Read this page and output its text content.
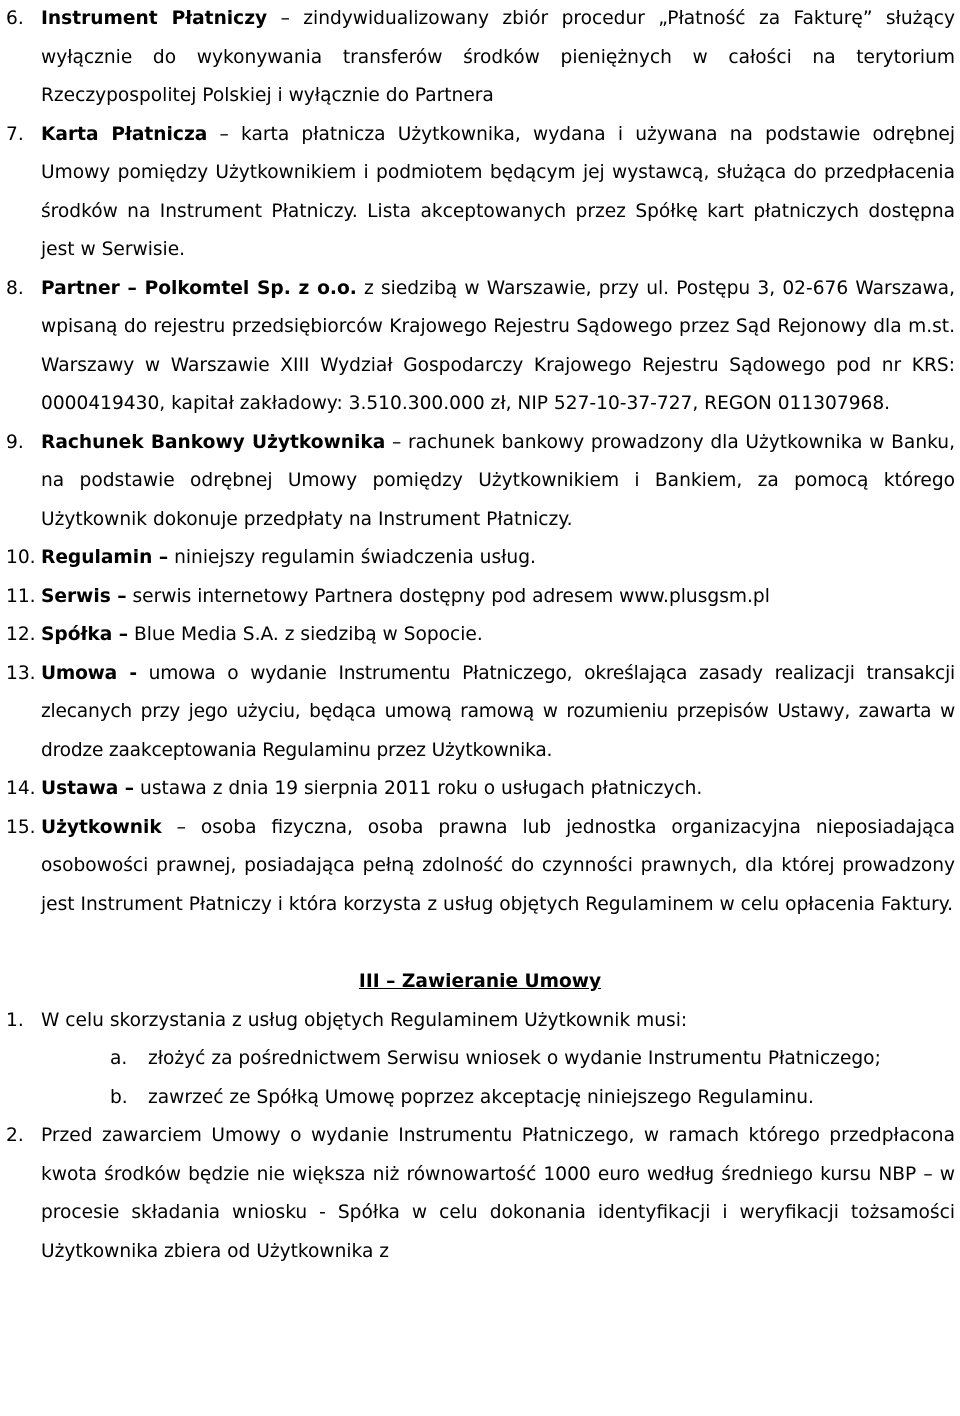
6. Instrument Płatniczy – zindywidualizowany zbiór procedur „Płatność za Fakturę” służący wyłącznie do wykonywania transferów środków pieniężnych w całości na terytorium Rzeczypospolitej Polskiej i wyłącznie do Partnera
7. Karta Płatnicza – karta płatnicza Użytkownika, wydana i używana na podstawie odrębnej Umowy pomiędzy Użytkownikiem i podmiotem będącym jej wystawcą, służąca do przedpłacenia środków na Instrument Płatniczy. Lista akceptowanych przez Spółkę kart płatniczych dostępna jest w Serwisie.
8. Partner – Polkomtel Sp. z o.o. z siedzibą w Warszawie, przy ul. Postępu 3, 02-676 Warszawa, wpisaną do rejestru przedsiębiorców Krajowego Rejestru Sądowego przez Sąd Rejonowy dla m.st. Warszawy w Warszawie XIII Wydział Gospodarczy Krajowego Rejestru Sądowego pod nr KRS: 0000419430, kapitał zakładowy: 3.510.300.000 zł, NIP 527-10-37-727, REGON 011307968.
9. Rachunek Bankowy Użytkownika – rachunek bankowy prowadzony dla Użytkownika w Banku, na podstawie odrębnej Umowy pomiędzy Użytkownikiem i Bankiem, za pomocą którego Użytkownik dokonuje przedpłaty na Instrument Płatniczy.
10. Regulamin – niniejszy regulamin świadczenia usług.
11. Serwis – serwis internetowy Partnera dostępny pod adresem www.plusgsm.pl
12. Spółka – Blue Media S.A. z siedzibą w Sopocie.
13. Umowa - umowa o wydanie Instrumentu Płatniczego, określająca zasady realizacji transakcji zlecanych przy jego użyciu, będąca umową ramową w rozumieniu przepisów Ustawy, zawarta w drodze zaakceptowania Regulaminu przez Użytkownika.
14. Ustawa – ustawa z dnia 19 sierpnia 2011 roku o usługach płatniczych.
15. Użytkownik – osoba fizyczna, osoba prawna lub jednostka organizacyjna nieposiadająca osobowości prawnej, posiadająca pełną zdolność do czynności prawnych, dla której prowadzony jest Instrument Płatniczy i która korzysta z usług objętych Regulaminem w celu opłacenia Faktury.
III – Zawieranie Umowy
1. W celu skorzystania z usług objętych Regulaminem Użytkownik musi:
a. złożyć za pośrednictwem Serwisu wniosek o wydanie Instrumentu Płatniczego;
b. zawrzeć ze Spółką Umowę poprzez akceptację niniejszego Regulaminu.
2. Przed zawarciem Umowy o wydanie Instrumentu Płatniczego, w ramach którego przedpłacona kwota środków będzie nie większa niż równowartość 1000 euro według średniego kursu NBP – w procesie składania wniosku - Spółka w celu dokonania identyfikacji i weryfikacji tożsamości Użytkownika zbiera od Użytkownika z
